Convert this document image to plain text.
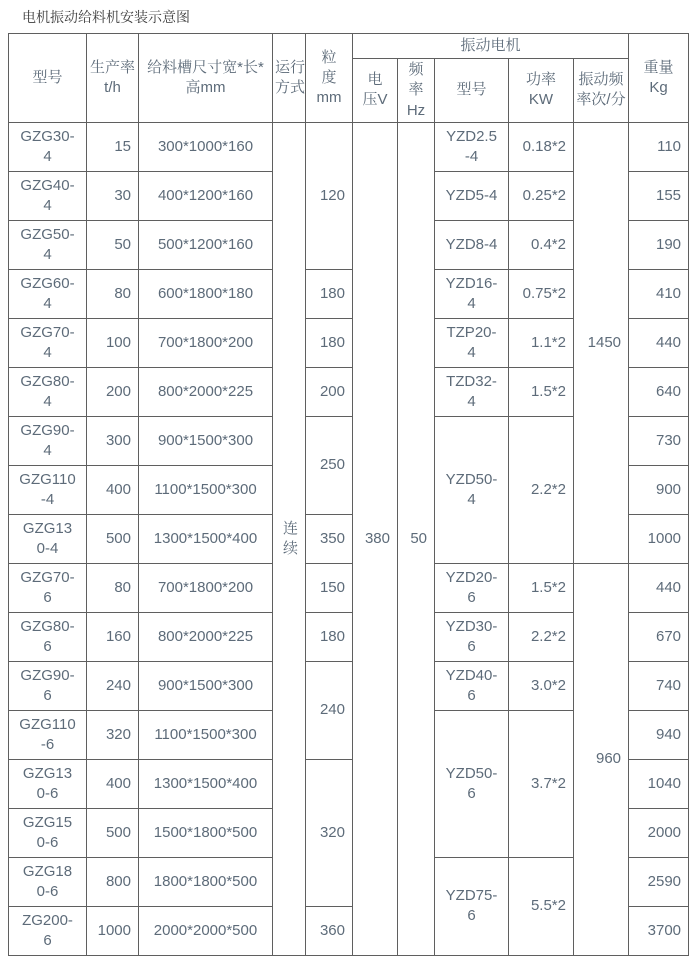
电机振动给料机安装示意图
型号	生产率t/h	给料槽尺寸宽*长*高mm	运行方式	粒度mm	振动电机					重量Kg

					电压V	频率Hz	型号	功率KW	振动频率次/分	

GZG30-4	15	300*1000*160	连续	120	380	50	YZD2.5-4	0.18*2	1450	110
GZG40-4	30	400*1200*160					YZD5-4	0.25*2		155
GZG50-4	50	500*1200*160					YZD8-4	0.4*2		190
GZG60-4	80	600*1800*180		180			YZD16-4	0.75*2		410
GZG70-4	100	700*1800*200		180			TZP20-4	1.1*2		440
GZG80-4	200	800*2000*225		200			TZD32-4	1.5*2		640
GZG90-4	300	900*1500*300		250			YZD50-4	2.2*2		730
GZG110-4	400	1100*1500*300								900
GZG130-4	500	1300*1500*400		350						1000
GZG70-6	80	700*1800*200		150			YZD20-6	1.5*2	960	440
GZG80-6	160	800*2000*225		180			YZD30-6	2.2*2		670
GZG90-6	240	900*1500*300		240			YZD40-6	3.0*2		740
GZG110-6	320	1100*1500*300					YZD50-6	3.7*2		940
GZG130-6	400	1300*1500*400		320						1040
GZG150-6	500	1500*1800*500								2000
GZG180-6	800	1800*1800*500					YZD75-6	5.5*2		2590
ZG200-6	1000	2000*2000*500		360						3700
